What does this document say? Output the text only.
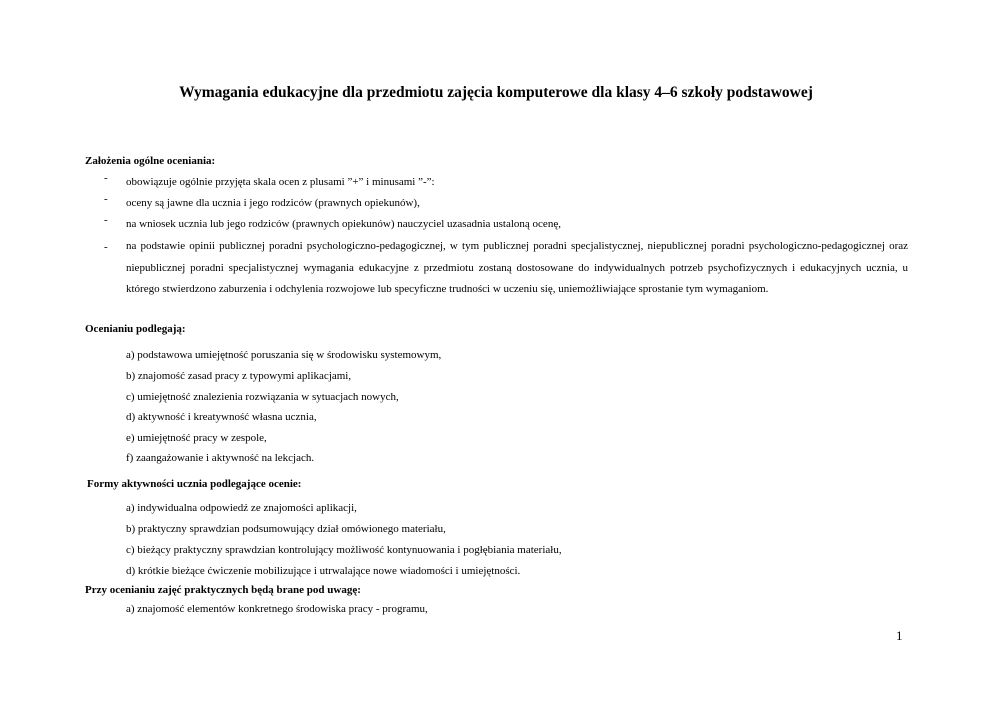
Wymagania edukacyjne dla przedmiotu zajęcia komputerowe dla klasy 4–6 szkoły podstawowej

Założenia ogólne oceniania:

- obowiązuje ogólnie przyjęta skala ocen z plusami ”+” i minusami ”-”:
- oceny są jawne dla ucznia i jego rodziców (prawnych opiekunów),
- na wniosek ucznia lub jego rodziców (prawnych opiekunów) nauczyciel uzasadnia ustaloną ocenę,
- na podstawie opinii publicznej poradni psychologiczno-pedagogicznej, w tym publicznej poradni specjalistycznej, niepublicznej poradni psychologiczno-pedagogicznej oraz niepublicznej poradni specjalistycznej wymagania edukacyjne z przedmiotu zostaną dostosowane do indywidualnych potrzeb psychofizycznych i edukacyjnych ucznia, u którego stwierdzono zaburzenia i odchylenia rozwojowe lub specyficzne trudności w uczeniu się, uniemożliwiające sprostanie tym wymaganiom.

Ocenianiu podlegają:

a) podstawowa umiejętność poruszania się w środowisku systemowym,

b) znajomość zasad pracy z typowymi aplikacjami,

c) umiejętność znalezienia rozwiązania w sytuacjach nowych,

d) aktywność i kreatywność własna ucznia,

e) umiejętność pracy w zespole,

f) zaangażowanie i aktywność na lekcjach.

Formy aktywności ucznia podlegające ocenie:

a) indywidualna odpowiedź ze znajomości aplikacji,

b) praktyczny sprawdzian podsumowujący dział omówionego materiału,

c) bieżący praktyczny sprawdzian kontrolujący możliwość kontynuowania i pogłębiania materiału,

d) krótkie bieżące ćwiczenie mobilizujące i utrwalające nowe wiadomości i umiejętności.

Przy ocenianiu zajęć praktycznych będą brane pod uwagę:

a) znajomość elementów konkretnego środowiska pracy - programu,

1
